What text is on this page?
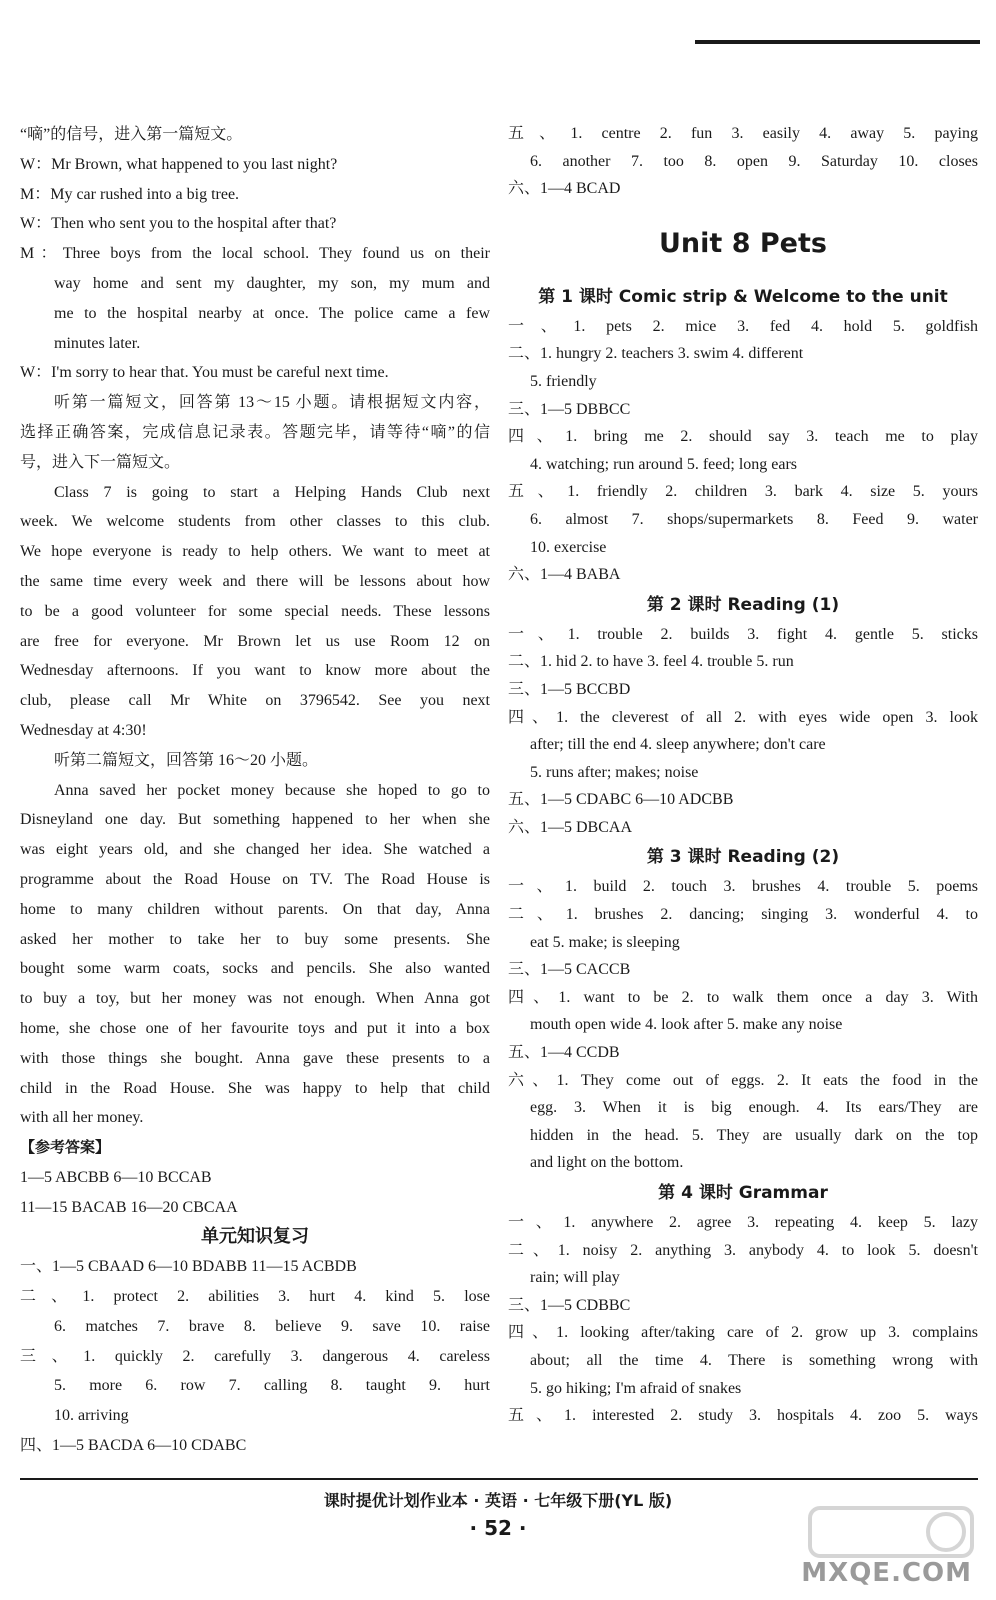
“嘀”的信号，进入第一篇短文。
W：Mr Brown, what happened to you last night?
M：My car rushed into a big tree.
W：Then who sent you to the hospital after that?
M：Three boys from the local school. They found us on their
way home and sent my daughter, my son, my mum and
me to the hospital nearby at once. The police came a few
minutes later.
W：I'm sorry to hear that. You must be careful next time.
听第一篇短文，回答第 13～15 小题。请根据短文内容，
选择正确答案，完成信息记录表。答题完毕，请等待“嘀”的信
号，进入下一篇短文。
Class 7 is going to start a Helping Hands Club next
week. We welcome students from other classes to this club.
We hope everyone is ready to help others. We want to meet at
the same time every week and there will be lessons about how
to be a good volunteer for some special needs. These lessons
are free for everyone. Mr Brown let us use Room 12 on
Wednesday afternoons. If you want to know more about the
club, please call Mr White on 3796542. See you next
Wednesday at 4:30!
听第二篇短文，回答第 16～20 小题。
Anna saved her pocket money because she hoped to go to
Disneyland one day. But something happened to her when she
was eight years old, and she changed her idea. She watched a
programme about the Road House on TV. The Road House is
home to many children without parents. On that day, Anna
asked her mother to take her to buy some presents. She
bought some warm coats, socks and pencils. She also wanted
to buy a toy, but her money was not enough. When Anna got
home, she chose one of her favourite toys and put it into a box
with those things she bought. Anna gave these presents to a
child in the Road House. She was happy to help that child
with all her money.
【参考答案】
1—5 ABCBB 6—10 BCCAB
11—15 BACAB 16—20 CBCAA
单元知识复习
一、1—5 CBAAD 6—10 BDABB 11—15 ACBDB
二、1. protect 2. abilities 3. hurt 4. kind 5. lose
6. matches 7. brave 8. believe 9. save 10. raise
三、1. quickly 2. carefully 3. dangerous 4. careless
5. more 6. row 7. calling 8. taught 9. hurt
10. arriving
四、1—5 BACDA 6—10 CDABC
五、1. centre 2. fun 3. easily 4. away 5. paying
6. another 7. too 8. open 9. Saturday 10. closes
六、1—4 BCAD
Unit 8 Pets
第 1 课时 Comic strip & Welcome to the unit
一、1. pets 2. mice 3. fed 4. hold 5. goldfish
二、1. hungry 2. teachers 3. swim 4. different
5. friendly
三、1—5 DBBCC
四、1. bring me 2. should say 3. teach me to play
4. watching; run around 5. feed; long ears
五、1. friendly 2. children 3. bark 4. size 5. yours
6. almost 7. shops/supermarkets 8. Feed 9. water
10. exercise
六、1—4 BABA
第 2 课时 Reading (1)
一、1. trouble 2. builds 3. fight 4. gentle 5. sticks
二、1. hid 2. to have 3. feel 4. trouble 5. run
三、1—5 BCCBD
四、1. the cleverest of all 2. with eyes wide open 3. look
after; till the end 4. sleep anywhere; don't care
5. runs after; makes; noise
五、1—5 CDABC 6—10 ADCBB
六、1—5 DBCAA
第 3 课时 Reading (2)
一、1. build 2. touch 3. brushes 4. trouble 5. poems
二、1. brushes 2. dancing; singing 3. wonderful 4. to
eat 5. make; is sleeping
三、1—5 CACCB
四、1. want to be 2. to walk them once a day 3. With
mouth open wide 4. look after 5. make any noise
五、1—4 CCDB
六、1. They come out of eggs. 2. It eats the food in the
egg. 3. When it is big enough. 4. Its ears/They are
hidden in the head. 5. They are usually dark on the top
and light on the bottom.
第 4 课时 Grammar
一、1. anywhere 2. agree 3. repeating 4. keep 5. lazy
二、1. noisy 2. anything 3. anybody 4. to look 5. doesn't
rain; will play
三、1—5 CDBBC
四、1. looking after/taking care of 2. grow up 3. complains
about; all the time 4. There is something wrong with
5. go hiking; I'm afraid of snakes
五、1. interested 2. study 3. hospitals 4. zoo 5. ways
课时提优计划作业本 · 英语 · 七年级下册(YL 版)
· 52 ·
MXQE.COM
